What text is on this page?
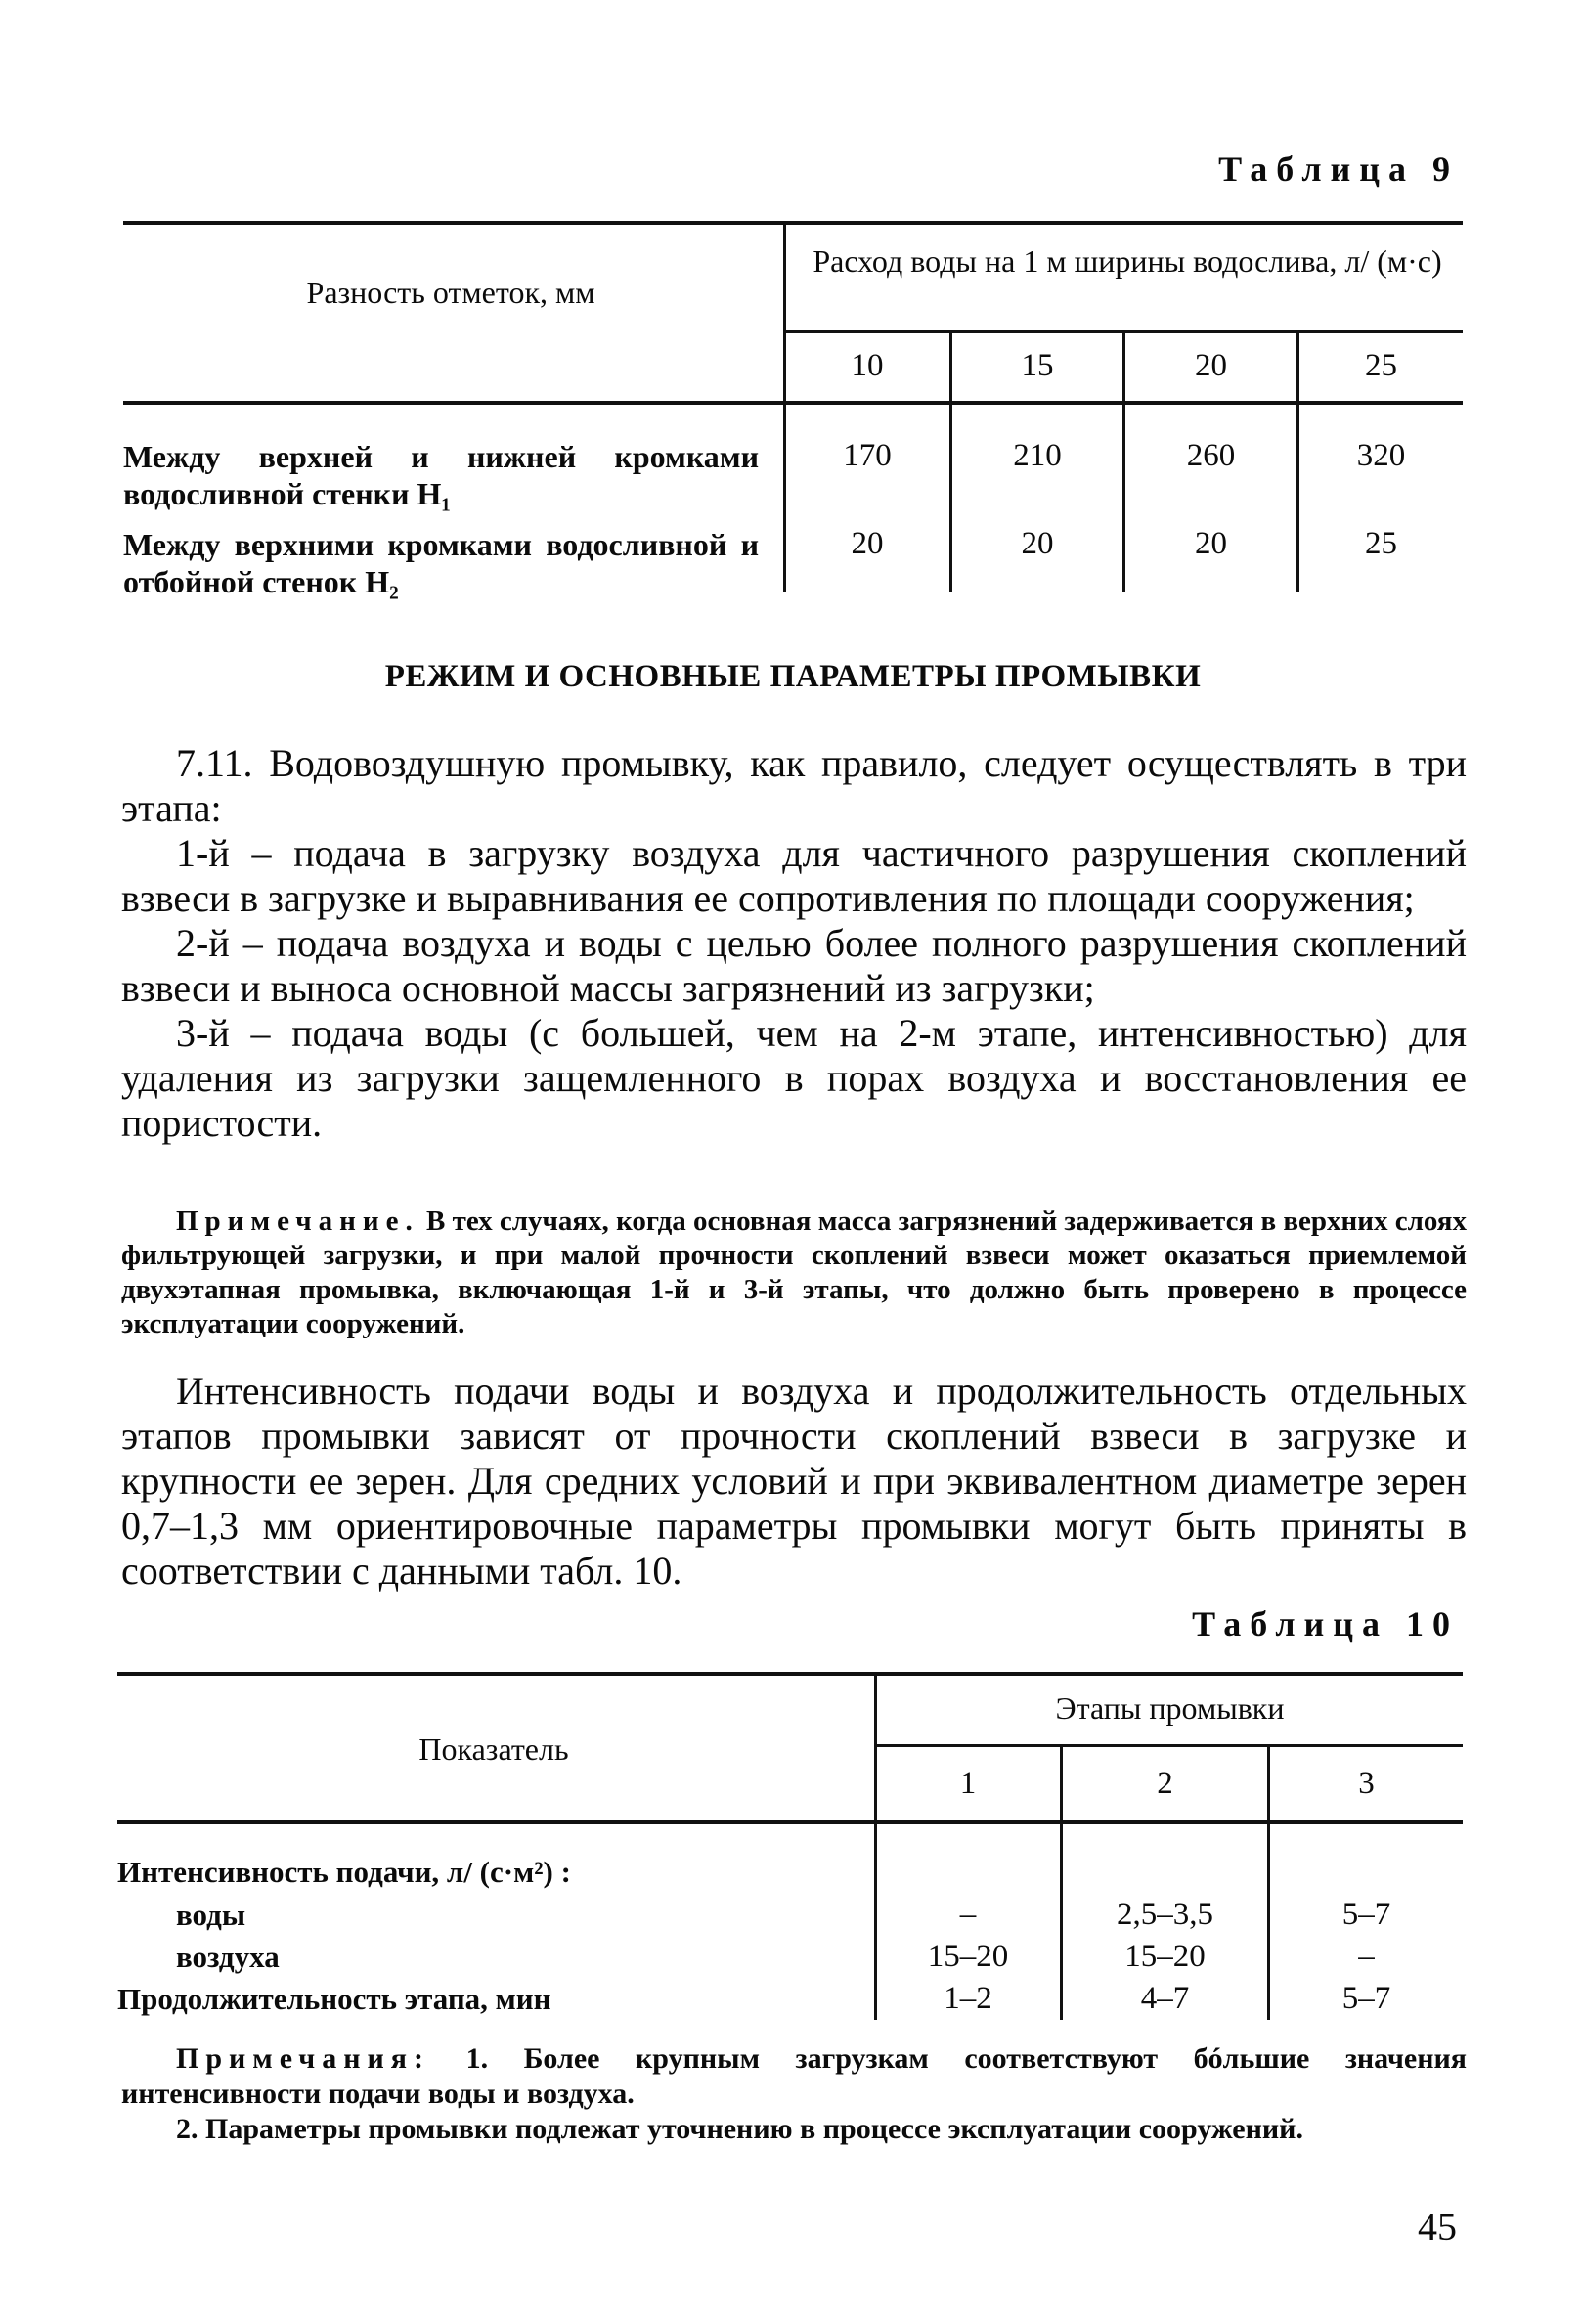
Таблица 9
Разность отметок, мм
Расход воды на 1 м ширины водослива, л/ (м·с)
10	15	20	25
Между верхней и нижней кромками водосливной стенки H₁
170	210	260	320
Между верхними кромками водосливной и отбойной стенок H₂
20	20	20	25
РЕЖИМ И ОСНОВНЫЕ ПАРАМЕТРЫ ПРОМЫВКИ

7.11. Водовоздушную промывку, как правило, следует осуществлять в три этапа:

1-й – подача в загрузку воздуха для частичного разрушения скоплений взвеси в загрузке и выравнивания ее сопротивления по площади сооружения;

2-й – подача воздуха и воды с целью более полного разрушения скоплений взвеси и выноса основной массы загрязнений из загрузки;

3-й – подача воды (с большей, чем на 2-м этапе, интенсивностью) для удаления из загрузки защемленного в порах воздуха и восстановления ее пористости.

Примечание. В тех случаях, когда основная масса загрязнений задерживается в верхних слоях фильтрующей загрузки, и при малой прочности скоплений взвеси может оказаться приемлемой двухэтапная промывка, включающая 1-й и 3-й этапы, что должно быть проверено в процессе эксплуатации сооружений.

Интенсивность подачи воды и воздуха и продолжительность отдельных этапов промывки зависят от прочности скоплений взвеси в загрузке и крупности ее зерен. Для средних условий и при эквивалентном диаметре зерен 0,7–1,3 мм ориентировочные параметры промывки могут быть приняты в соответствии с данными табл. 10.

Таблица 10
Показатель
Этапы промывки
1	2	3
Интенсивность подачи, л/ (с·м²) :
воды	–	2,5–3,5	5–7
воздуха	15–20	15–20	–
Продолжительность этапа, мин	1–2	4–7	5–7

Примечания: 1. Более крупным загрузкам соответствуют бóльшие значения интенсивности подачи воды и воздуха.

2. Параметры промывки подлежат уточнению в процессе эксплуатации сооружений.

45
